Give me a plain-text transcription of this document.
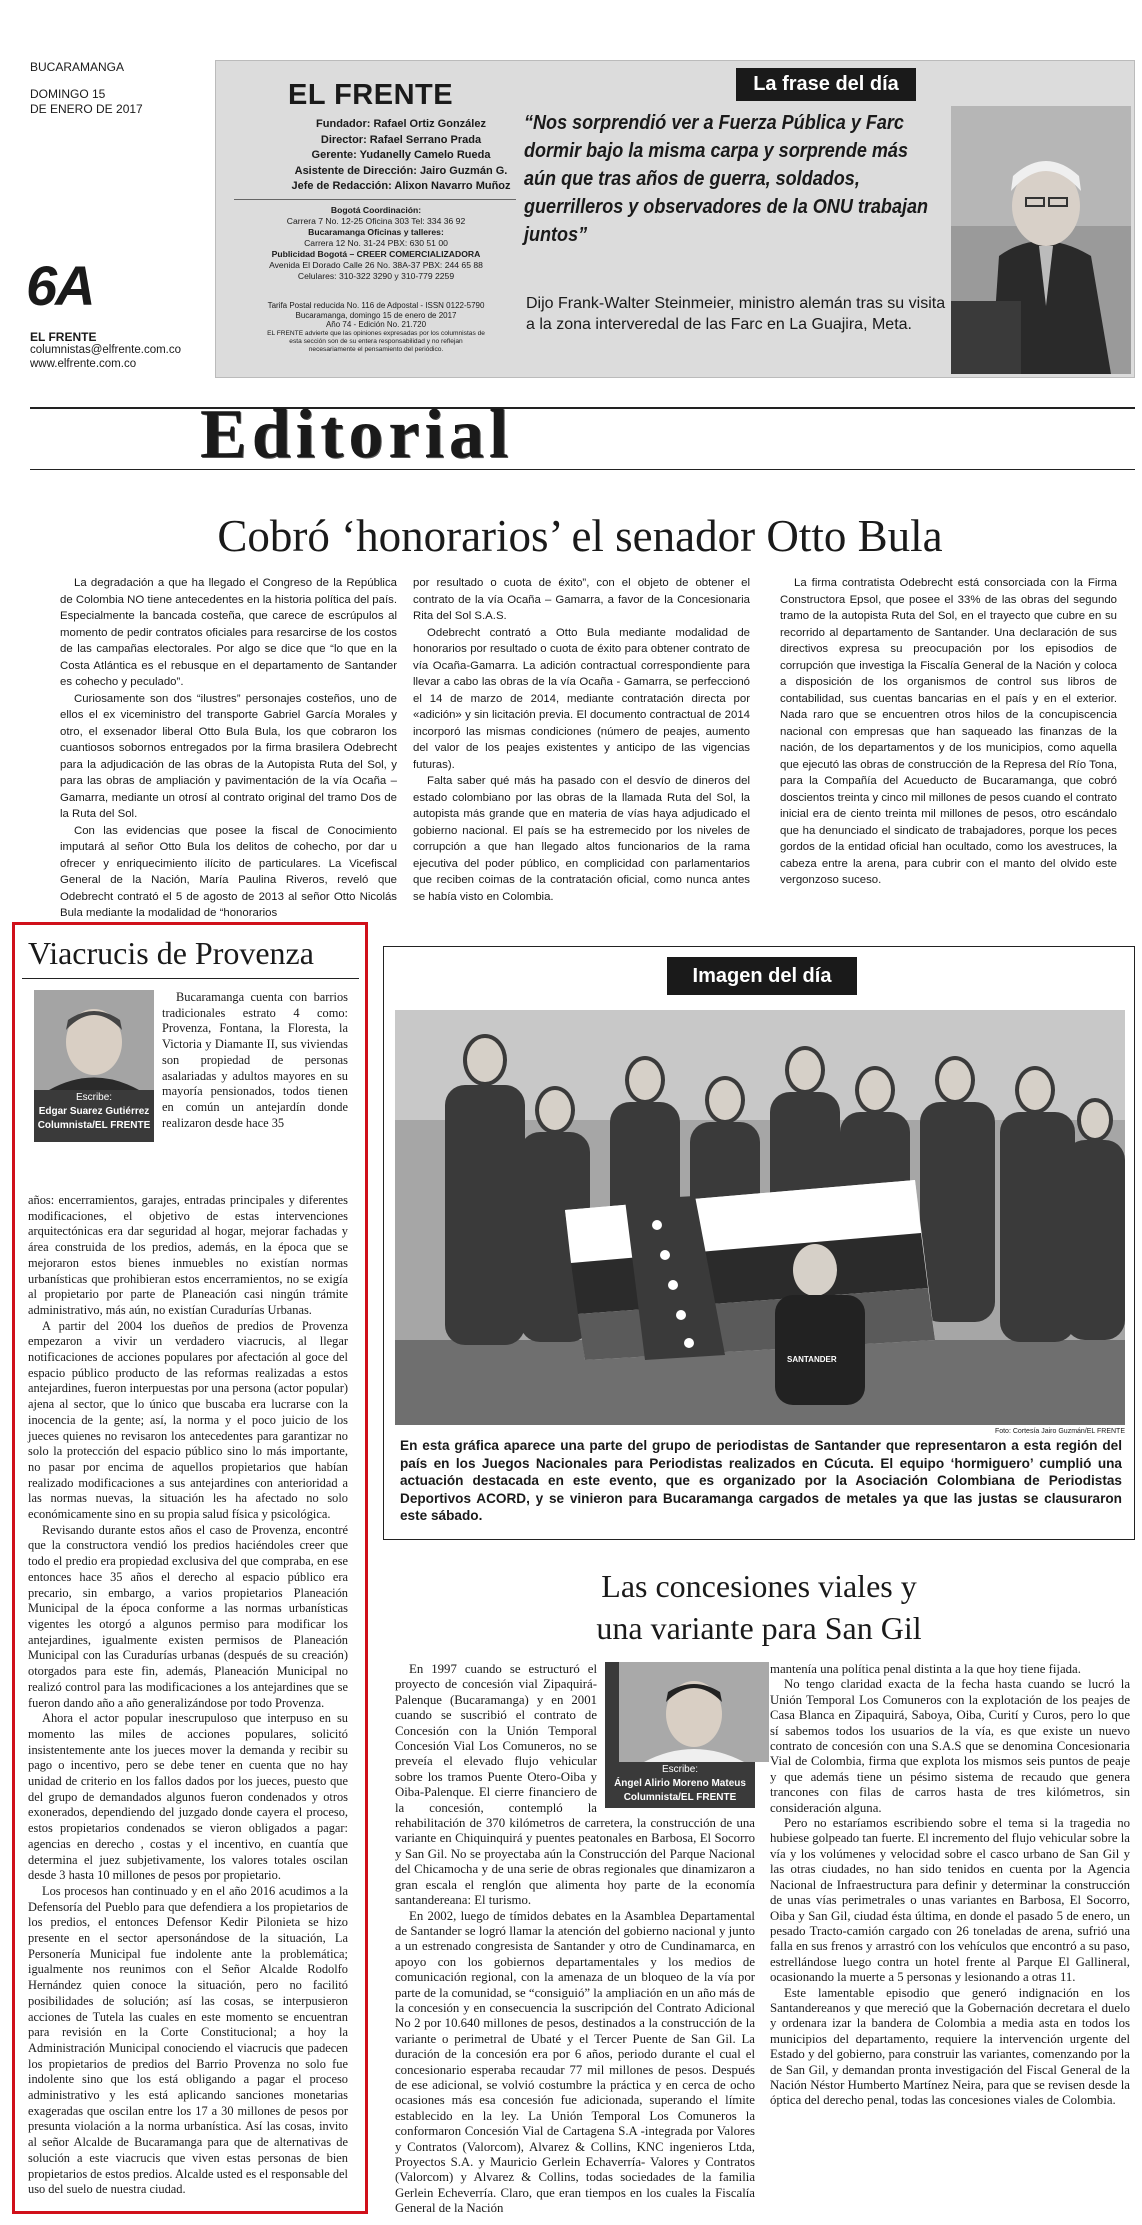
BUCARAMANGA
DOMINGO 15
DE ENERO DE 2017
6A
EL FRENTE
columnistas@elfrente.com.co
www.elfrente.com.co
EL FRENTE
Fundador: Rafael Ortiz González
Director: Rafael Serrano Prada
Gerente: Yudanelly Camelo Rueda
Asistente de Dirección: Jairo Guzmán G.
Jefe de Redacción: Alixon Navarro Muñoz
Bogotá Coordinación:
Carrera 7 No. 12-25 Oficina 303 Tel: 334 36 92
Bucaramanga Oficinas y talleres:
Carrera 12 No. 31-24 PBX: 630 51 00
Publicidad Bogotá – CREER COMERCIALIZADORA
Avenida El Dorado Calle 26 No. 38A-37 PBX: 244 65 88
Celulares: 310-322 3290 y 310-779 2259
Tarifa Postal reducida No. 116 de Adpostal - ISSN 0122-5790
Bucaramanga, domingo 15 de enero de 2017
Año 74 - Edición No. 21.720
EL FRENTE advierte que las opiniones expresadas por los columnistas de
esta sección son de su entera responsabilidad y no reflejan
necesariamente el pensamiento del periódico.
La frase del día
“Nos sorprendió ver a Fuerza Pública y Farc dormir bajo la misma carpa y sorprende más aún que tras años de guerra, soldados, guerrilleros y observadores de la ONU trabajan juntos”
Dijo Frank-Walter Steinmeier, ministro alemán tras su visita a la zona interveredal de las Farc en La Guajira, Meta.
Editorial
Cobró ‘honorarios’ el senador Otto Bula

La degradación a que ha llegado el Congreso de la República de Colombia NO tiene antecedentes en la historia política del país. Especialmente la bancada costeña, que carece de escrúpulos al momento de pedir contratos oficiales para resarcirse de los costos de las campañas electorales. Por algo se dice que “lo que en la Costa Atlántica es el rebusque en el departamento de Santander es cohecho y peculado”.

Curiosamente son dos “ilustres” personajes costeños, uno de ellos el ex viceministro del transporte Gabriel García Morales y otro, el exsenador liberal Otto Bula Bula, los que cobraron los cuantiosos sobornos entregados por la firma brasilera Odebrecht para la adjudicación de las obras de la Autopista Ruta del Sol, y para las obras de ampliación y pavimentación de la vía Ocaña – Gamarra, mediante un otrosí al contrato original del tramo Dos de la Ruta del Sol.

Con las evidencias que posee la fiscal de Conocimiento imputará al señor Otto Bula los delitos de cohecho, por dar u ofrecer y enriquecimiento ilícito de particulares. La Vicefiscal General de la Nación, María Paulina Riveros, reveló que Odebrecht contrató el 5 de agosto de 2013 al señor Otto Nicolás Bula mediante la modalidad de “honorarios

por resultado o cuota de éxito”, con el objeto de obtener el contrato de la vía Ocaña – Gamarra, a favor de la Concesionaria Rita del Sol S.A.S.

Odebrecht contrató a Otto Bula mediante modalidad de honorarios por resultado o cuota de éxito para obtener contrato de vía Ocaña-Gamarra. La adición contractual correspondiente para llevar a cabo las obras de la vía Ocaña - Gamarra, se perfeccionó el 14 de marzo de 2014, mediante contratación directa por «adición» y sin licitación previa. El documento contractual de 2014 incorporó las mismas condiciones (número de peajes, aumento del valor de los peajes existentes y anticipo de las vigencias futuras).

Falta saber qué más ha pasado con el desvío de dineros del estado colombiano por las obras de la llamada Ruta del Sol, la autopista más grande que en materia de vías haya adjudicado el gobierno nacional. El país se ha estremecido por los niveles de corrupción a que han llegado altos funcionarios de la rama ejecutiva del poder público, en complicidad con parlamentarios que reciben coimas de la contratación oficial, como nunca antes se había visto en Colombia.

La firma contratista Odebrecht está consorciada con la Firma Constructora Epsol, que posee el 33% de las obras del segundo tramo de la autopista Ruta del Sol, en el trayecto que cubre en su recorrido al departamento de Santander. Una declaración de sus directivos expresa su preocupación por los episodios de corrupción que investiga la Fiscalía General de la Nación y coloca a disposición de los organismos de control sus libros de contabilidad, sus cuentas bancarias en el país y en el exterior. Nada raro que se encuentren otros hilos de la concupiscencia nacional con empresas que han saqueado las finanzas de la nación, de los departamentos y de los municipios, como aquella que ejecutó las obras de construcción de la Represa del Río Tona, para la Compañía del Acueducto de Bucaramanga, que cobró doscientos treinta y cinco mil millones de pesos cuando el contrato inicial era de ciento treinta mil millones de pesos, otro escándalo que ha denunciado el sindicato de trabajadores, porque los peces gordos de la entidad oficial han ocultado, como los avestruces, la cabeza entre la arena, para cubrir con el manto del olvido este vergonzoso suceso.

Viacrucis de Provenza
Escribe:
Edgar Suarez Gutiérrez
Columnista/EL FRENTE

Bucaramanga cuenta con barrios tradicionales estrato 4 como: Provenza, Fontana, la Floresta, la Victoria y Diamante II, sus viviendas son propiedad de personas asalariadas y adultos mayores en su mayoría pensionados, todos tienen en común un antejardín donde realizaron desde hace 35

años: encerramientos, garajes, entradas principales y diferentes modificaciones, el objetivo de estas intervenciones arquitectónicas era dar seguridad al hogar, mejorar fachadas y área construida de los predios, además, en la época que se mejoraron estos bienes inmuebles no existían normas urbanísticas que prohibieran estos encerramientos, no se exigía al propietario por parte de Planeación casi ningún trámite administrativo, más aún, no existían Curadurías Urbanas.

A partir del 2004 los dueños de predios de Provenza empezaron a vivir un verdadero viacrucis, al llegar notificaciones de acciones populares por afectación al goce del espacio público producto de las reformas realizadas a estos antejardines, fueron interpuestas por una persona (actor popular) ajena al sector, que lo único que buscaba era lucrarse con la inocencia de la gente; así, la norma y el poco juicio de los jueces quienes no revisaron los antecedentes para garantizar no solo la protección del espacio público sino lo más importante, no pasar por encima de aquellos propietarios que habían realizado modificaciones a sus antejardines con anterioridad a las normas nuevas, la situación les ha afectado no solo económicamente sino en su propia salud física y psicológica.

Revisando durante estos años el caso de Provenza, encontré que la constructora vendió los predios haciéndoles creer que todo el predio era propiedad exclusiva del que compraba, en ese entonces hace 35 años el derecho al espacio público era precario, sin embargo, a varios propietarios Planeación Municipal de la época conforme a las normas urbanísticas vigentes les otorgó a algunos permiso para modificar los antejardines, igualmente existen permisos de Planeación Municipal con las Curadurías urbanas (después de su creación) otorgados para este fin, además, Planeación Municipal no realizó control para las modificaciones a los antejardines que se fueron dando año a año generalizándose por todo Provenza.

Ahora el actor popular inescrupuloso que interpuso en su momento las miles de acciones populares, solicitó insistentemente ante los jueces mover la demanda y recibir su pago o incentivo, pero se debe tener en cuenta que no hay unidad de criterio en los fallos dados por los jueces, puesto que del grupo de demandados algunos fueron condenados y otros exonerados, dependiendo del juzgado donde cayera el proceso, estos propietarios condenados se vieron obligados a pagar: agencias en derecho , costas y el incentivo, en cuantía que determina el juez subjetivamente, los valores totales oscilan desde 3 hasta 10 millones de pesos por propietario.

Los procesos han continuado y en el año 2016 acudimos a la Defensoría del Pueblo para que defendiera a los propietarios de los predios, el entonces Defensor Kedir Pilonieta se hizo presente en el sector apersonándose de la situación, La Personería Municipal fue indolente ante la problemática; igualmente nos reunimos con el Señor Alcalde Rodolfo Hernández quien conoce la situación, pero no facilitó posibilidades de solución; así las cosas, se interpusieron acciones de Tutela las cuales en este momento se encuentran para revisión en la Corte Constitucional; a hoy la Administración Municipal conociendo el viacrucis que padecen los propietarios de predios del Barrio Provenza no solo fue indolente sino que los está obligando a pagar el proceso administrativo y les está aplicando sanciones monetarias exageradas que oscilan entre los 17 a 30 millones de pesos por presunta violación a la norma urbanística. Así las cosas, invito al señor Alcalde de Bucaramanga para que de alternativas de solución a este viacrucis que viven estas personas de bien propietarios de estos predios. Alcalde usted es el responsable del uso del suelo de nuestra ciudad.

Imagen del día
SANTANDER
Foto: Cortesía Jairo Guzmán/EL FRENTE
En esta gráfica aparece una parte del grupo de periodistas de Santander que representaron a esta región del país en los Juegos Nacionales para Periodistas realizados en Cúcuta. El equipo ‘hormiguero’ cumplió una actuación destacada en este evento, que es organizado por la Asociación Colombiana de Periodistas Deportivos ACORD, y se vinieron para Bucaramanga cargados de metales ya que las justas se clausuraron este sábado.
Las concesiones viales y
una variante para San Gil
Escribe:
Ángel Alirio Moreno Mateus
Columnista/EL FRENTE

En 1997 cuando se estructuró el proyecto de concesión vial Zipaquirá-Palenque (Bucaramanga) y en 2001 cuando se suscribió el contrato de Concesión con la Unión Temporal Concesión Vial Los Comuneros, no se preveía el elevado flujo vehicular sobre los tramos Puente Otero-Oiba y Oiba-Palenque. El cierre financiero de la concesión, contempló la rehabilitación de 370 kilómetros de carretera, la construcción de una variante en Chiquinquirá y puentes peatonales en Barbosa, El Socorro y San Gil. No se proyectaba aún la Construcción del Parque Nacional del Chicamocha y de una serie de obras regionales que dinamizaron a gran escala el renglón que alimenta hoy parte de la economía santandereana: El turismo.

En 2002, luego de tímidos debates en la Asamblea Departamental de Santander se logró llamar la atención del gobierno nacional y junto a un estrenado congresista de Santander y otro de Cundinamarca, en apoyo con los gobiernos departamentales y los medios de comunicación regional, con la amenaza de un bloqueo de la vía por parte de la comunidad, se “consiguió” la ampliación en un año más de la concesión y en consecuencia la suscripción del Contrato Adicional No 2 por 10.640 millones de pesos, destinados a la construcción de la variante o perimetral de Ubaté y el Tercer Puente de San Gil. La duración de la concesión era por 6 años, periodo durante el cual el concesionario esperaba recaudar 77 mil millones de pesos. Después de ese adicional, se volvió costumbre la práctica y en cerca de ocho ocasiones más esa concesión fue adicionada, superando el límite establecido en la ley. La Unión Temporal Los Comuneros la conformaron Concesión Vial de Cartagena S.A -integrada por Valores y Contratos (Valorcom), Alvarez & Collins, KNC ingenieros Ltda, Proyectos S.A. y Mauricio Gerlein Echaverría- Valores y Contratos (Valorcom) y Alvarez & Collins, todas sociedades de la familia Gerlein Echeverría. Claro, que eran tiempos en los cuales la Fiscalía General de la Nación

mantenía una política penal distinta a la que hoy tiene fijada.

No tengo claridad exacta de la fecha hasta cuando se lucró la Unión Temporal Los Comuneros con la explotación de los peajes de Casa Blanca en Zipaquirá, Saboya, Oiba, Curití y Curos, pero lo que sí sabemos todos los usuarios de la vía, es que existe un nuevo contrato de concesión con una S.A.S que se denomina Concesionaria Vial de Colombia, firma que explota los mismos seis puntos de peaje y que además tiene un pésimo sistema de recaudo que genera trancones con filas de carros hasta de tres kilómetros, sin consideración alguna.

Pero no estaríamos escribiendo sobre el tema si la tragedia no hubiese golpeado tan fuerte. El incremento del flujo vehicular sobre la vía y los volúmenes y velocidad sobre el casco urbano de San Gil y las otras ciudades, no han sido tenidos en cuenta por la Agencia Nacional de Infraestructura para definir y determinar la construcción de unas vías perimetrales o unas variantes en Barbosa, El Socorro, Oiba y San Gil, ciudad ésta última, en donde el pasado 5 de enero, un pesado Tracto-camión cargado con 26 toneladas de arena, sufrió una falla en sus frenos y arrastró con los vehículos que encontró a su paso, estrellándose luego contra un hotel frente al Parque El Gallineral, ocasionando la muerte a 5 personas y lesionando a otras 11.

Este lamentable episodio que generó indignación en los Santandereanos y que mereció que la Gobernación decretara el duelo y ordenara izar la bandera de Colombia a media asta en todos los municipios del departamento, requiere la intervención urgente del Estado y del gobierno, para construir las variantes, comenzando por la de San Gil, y demandan pronta investigación del Fiscal General de la Nación Néstor Humberto Martínez Neira, para que se revisen desde la óptica del derecho penal, todas las concesiones viales de Colombia.
